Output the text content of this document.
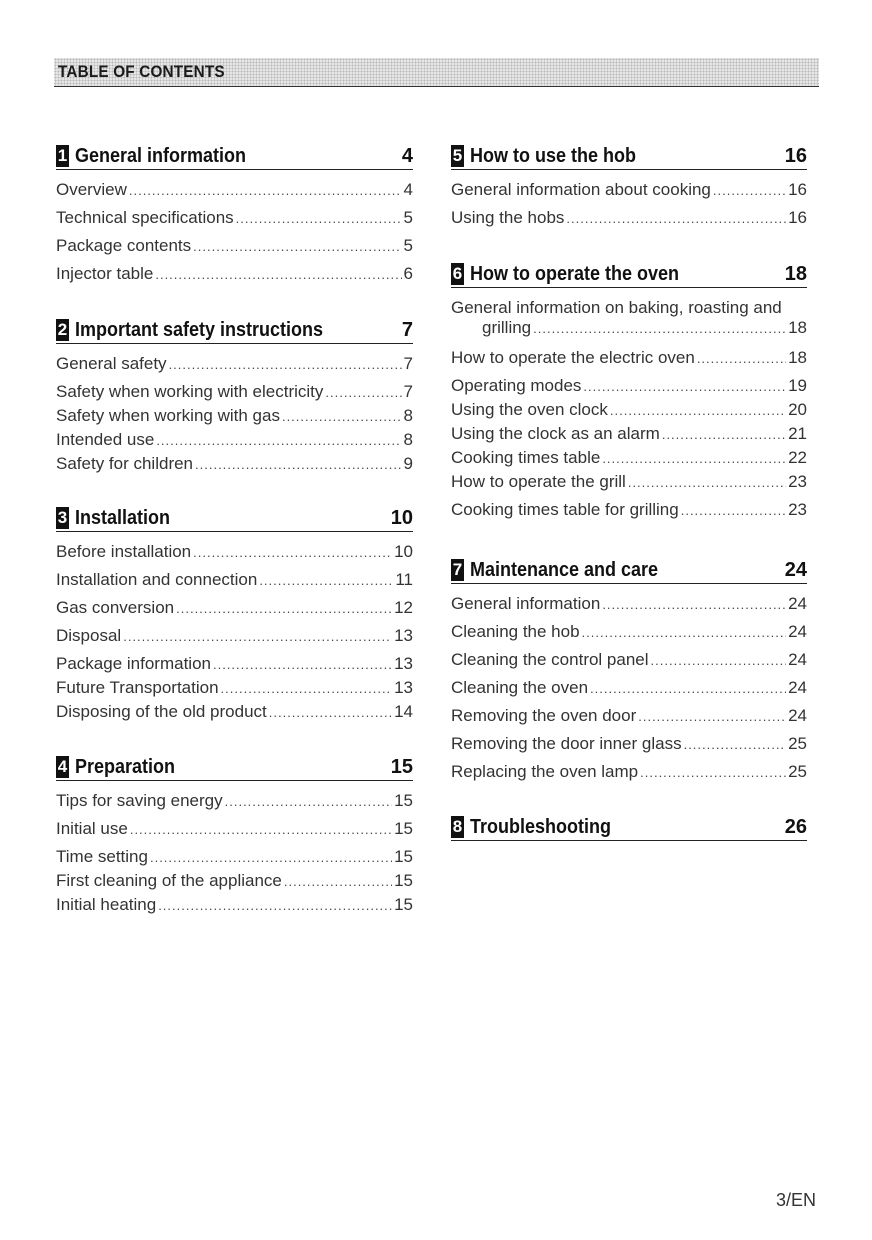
TABLE OF CONTENTS
1 General information	4
Overview .....	4
Technical specifications .....	5
Package contents .....	5
Injector table .....	6
2 Important safety instructions	7
General safety .....	7
Safety when working with electricity .....	7
Safety when working with gas .....	8
Intended use .....	8
Safety for children .....	9
3 Installation	10
Before installation .....	10
Installation and connection .....	11
Gas conversion .....	12
Disposal .....	13
Package information .....	13
Future Transportation .....	13
Disposing of the old product .....	14
4 Preparation	15
Tips for saving energy .....	15
Initial use .....	15
Time setting .....	15
First cleaning of the appliance .....	15
Initial heating .....	15
5 How to use the hob	16
General information about cooking .....	16
Using the hobs .....	16
6 How to operate the oven	18
General information on baking, roasting and
grilling .....	18
How to operate the electric oven .....	18
Operating modes .....	19
Using the oven clock .....	20
Using the clock as an alarm .....	21
Cooking times table .....	22
How to operate the grill .....	23
Cooking times table for grilling .....	23
7 Maintenance and care	24
General information .....	24
Cleaning the hob .....	24
Cleaning the control panel .....	24
Cleaning the oven .....	24
Removing the oven door .....	24
Removing the door inner glass .....	25
Replacing the oven lamp .....	25
8 Troubleshooting	26
3/EN
